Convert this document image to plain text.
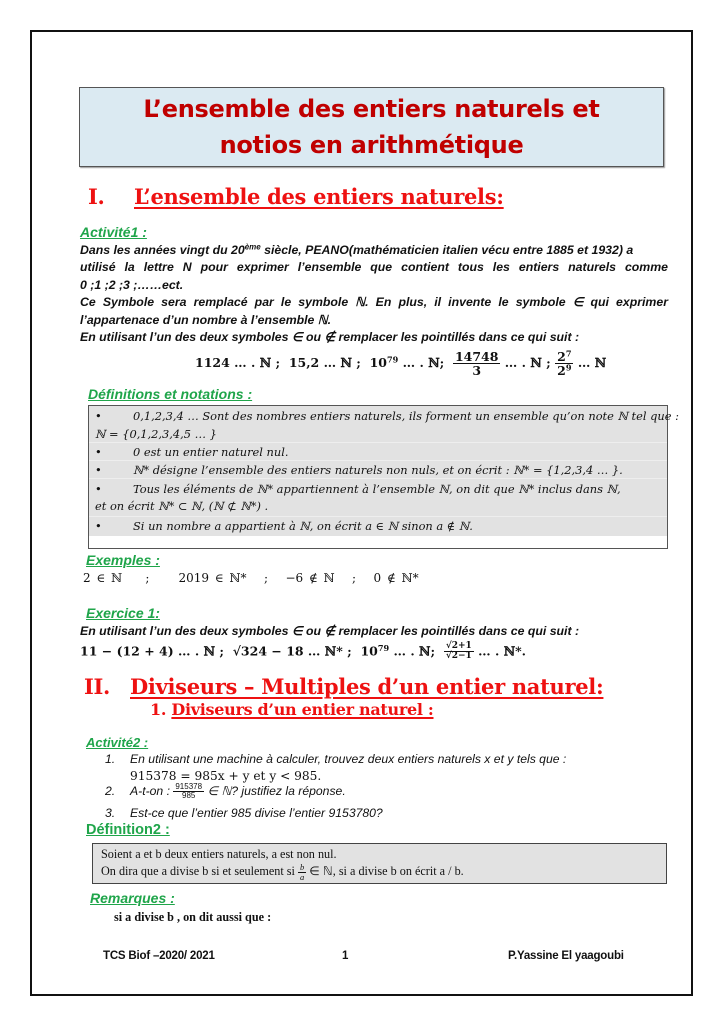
L’ensemble des entiers naturels et
notios en arithmétique
I. L’ensemble des entiers naturels:
Activité1 :
Dans les années vingt du 20ème siècle, PEANO(mathématicien italien vécu entre 1885 et 1932) a
utilisé la lettre N pour exprimer l’ensemble que contient tous les entiers naturels comme
0 ;1 ;2 ;3 ;……ect.
Ce Symbole sera remplacé par le symbole ℕ. En plus, il invente le symbole ∈ qui exprimer
l’appartenace d’un nombre à l’ensemble ℕ.
En utilisant l’un des deux symboles ∈ ou ∉ remplacer les pointillés dans ce qui suit :
1124 … . ℕ ; 15,2 … ℕ ; $10^{79}$ … . ℕ; $\frac{14748}{3}$ … . ℕ ; $\frac{2^7}{2^9}$ … ℕ
Définitions et notations :
•	0,1,2,3,4 … Sont des nombres entiers naturels, ils forment un ensemble qu’on note ℕ tel que :
ℕ = {0,1,2,3,4,5 … }
•	0 est un entier naturel nul.
•	ℕ* désigne l’ensemble des entiers naturels non nuls, et on écrit : ℕ* = {1,2,3,4 … }.
•	Tous les éléments de ℕ* appartiennent à l’ensemble ℕ, on dit que ℕ* inclus dans ℕ,
et on écrit ℕ* ⊂ ℕ, (ℕ ⊄ ℕ*) .
•	Si un nombre a appartient à ℕ, on écrit a ∈ ℕ sinon a ∉ ℕ.
Exemples :
2 ∈ ℕ    ;     2019 ∈ ℕ*   ;   −6 ∉ ℕ   ;   0 ∉ ℕ*
Exercice 1:
En utilisant l’un des deux symboles ∈ ou ∉ remplacer les pointillés dans ce qui suit :
11 − (12 + 4) … . ℕ ; √324 − 18 … ℕ* ; $10^{79}$ … . ℕ; $\frac{√2+1}{√2-1}$ … . ℕ*.
II. Diviseurs – Multiples d’un entier naturel:
1. Diviseurs d’un entier naturel :
Activité2 :
1. En utilisant une machine à calculer, trouvez deux entiers naturels x et y tels que :
915378 = 985x + y et y < 985.
2. A-t-on : $\frac{915378}{985}$ ∈ ℕ? justifiez la réponse.
3. Est-ce que l’entier 985 divise l’entier 9153780?
Définition2 :
Soient a et b deux entiers naturels, a est non nul.
On dira que a divise b si et seulement si $\frac{b}{a}$ ∈ ℕ, si a divise b on écrit a / b.
Remarques :
si a divise b , on dit aussi que :
TCS Biof –2020/ 2021	1	P.Yassine El yaagoubi
